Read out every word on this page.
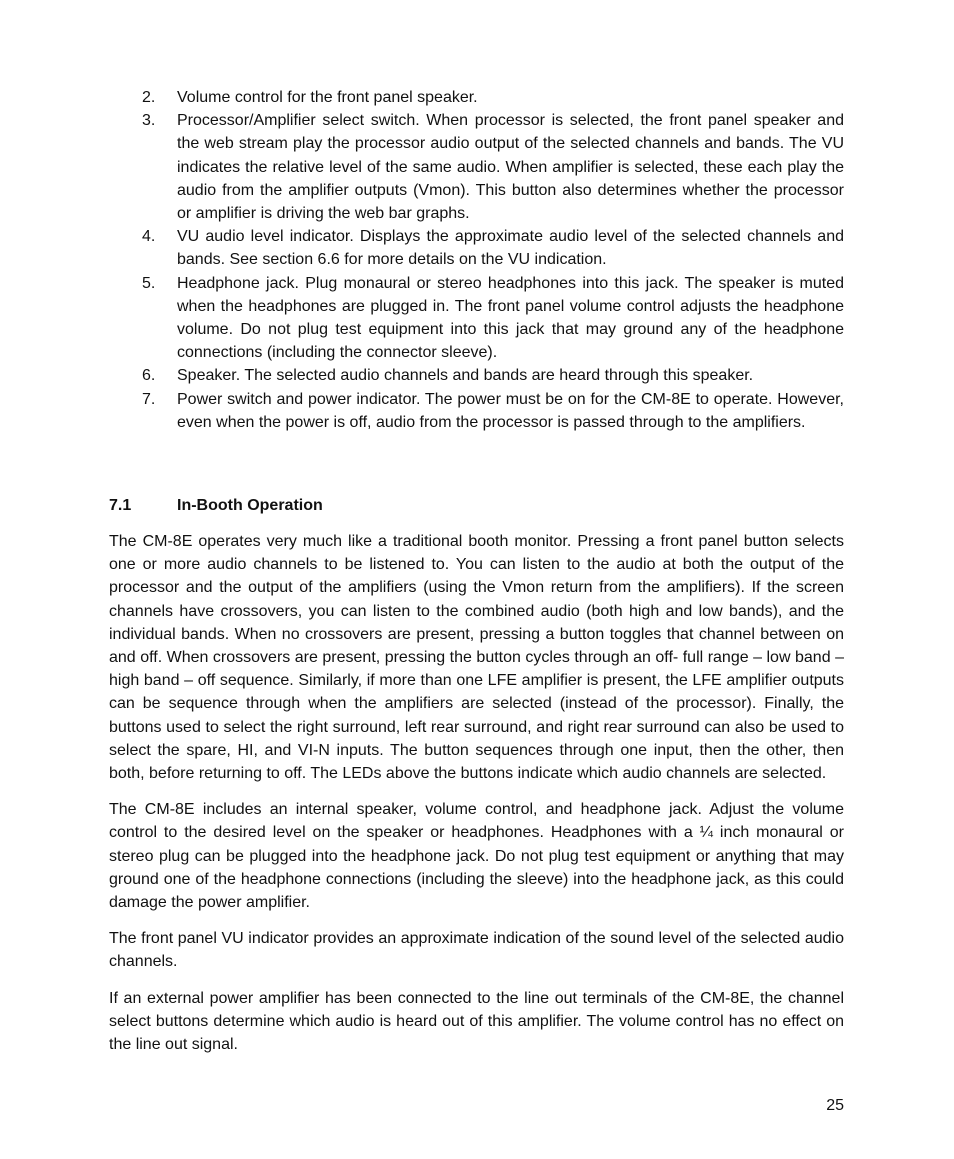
2. Volume control for the front panel speaker.
3. Processor/Amplifier select switch. When processor is selected, the front panel speaker and the web stream play the processor audio output of the selected channels and bands. The VU indicates the relative level of the same audio. When amplifier is selected, these each play the audio from the amplifier outputs (Vmon). This button also determines whether the processor or amplifier is driving the web bar graphs.
4. VU audio level indicator. Displays the approximate audio level of the selected channels and bands. See section 6.6 for more details on the VU indication.
5. Headphone jack. Plug monaural or stereo headphones into this jack. The speaker is muted when the headphones are plugged in. The front panel volume control adjusts the headphone volume. Do not plug test equipment into this jack that may ground any of the headphone connections (including the connector sleeve).
6. Speaker. The selected audio channels and bands are heard through this speaker.
7. Power switch and power indicator. The power must be on for the CM-8E to operate. However, even when the power is off, audio from the processor is passed through to the amplifiers.
7.1	In-Booth Operation

The CM-8E operates very much like a traditional booth monitor. Pressing a front panel button selects one or more audio channels to be listened to. You can listen to the audio at both the output of the processor and the output of the amplifiers (using the Vmon return from the amplifiers). If the screen channels have crossovers, you can listen to the combined audio (both high and low bands), and the individual bands. When no crossovers are present, pressing a button toggles that channel between on and off. When crossovers are present, pressing the button cycles through an off- full range – low band – high band – off sequence. Similarly, if more than one LFE amplifier is present, the LFE amplifier outputs can be sequence through when the amplifiers are selected (instead of the processor). Finally, the buttons used to select the right surround, left rear surround, and right rear surround can also be used to select the spare, HI, and VI-N inputs. The button sequences through one input, then the other, then both, before returning to off. The LEDs above the buttons indicate which audio channels are selected.

The CM-8E includes an internal speaker, volume control, and headphone jack. Adjust the volume control to the desired level on the speaker or headphones. Headphones with a ¼ inch monaural or stereo plug can be plugged into the headphone jack. Do not plug test equipment or anything that may ground one of the headphone connections (including the sleeve) into the headphone jack, as this could damage the power amplifier.

The front panel VU indicator provides an approximate indication of the sound level of the selected audio channels.

If an external power amplifier has been connected to the line out terminals of the CM-8E, the channel select buttons determine which audio is heard out of this amplifier. The volume control has no effect on the line out signal.

25
